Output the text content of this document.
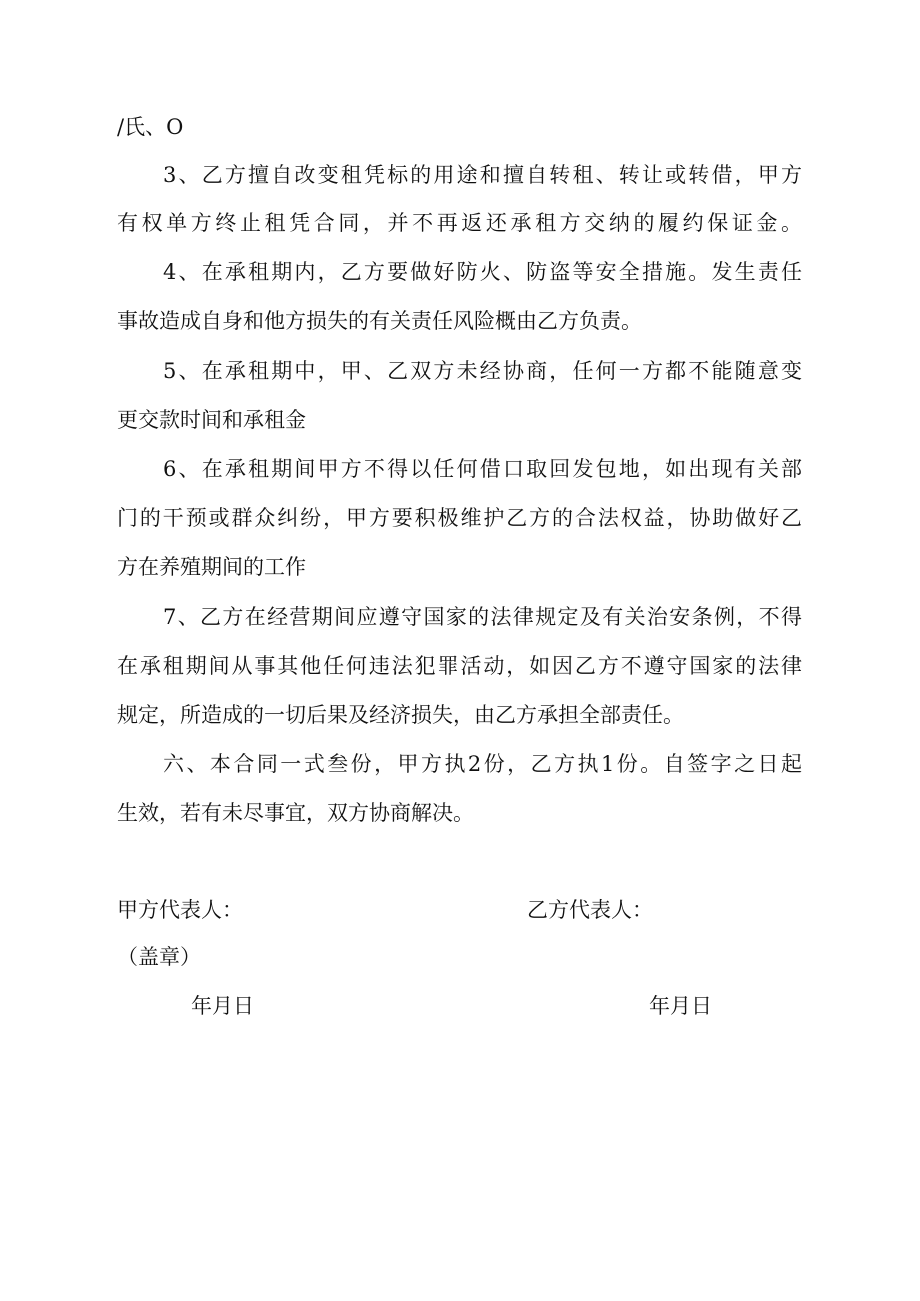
/氏、O
3、乙方擅自改变租凭标的用途和擅自转租、转让或转借，甲方
有权单方终止租凭合同，并不再返还承租方交纳的履约保证金。
4、在承租期内，乙方要做好防火、防盗等安全措施。发生责任
事故造成自身和他方损失的有关责任风险概由乙方负责。
5、在承租期中，甲、乙双方未经协商，任何一方都不能随意变
更交款时间和承租金
6、在承租期间甲方不得以任何借口取回发包地，如出现有关部
门的干预或群众纠纷，甲方要积极维护乙方的合法权益，协助做好乙
方在养殖期间的工作
7、乙方在经营期间应遵守国家的法律规定及有关治安条例，不得
在承租期间从事其他任何违法犯罪活动，如因乙方不遵守国家的法律
规定，所造成的一切后果及经济损失，由乙方承担全部责任。
六、本合同一式叁份，甲方执2份，乙方执1份。自签字之日起
生效，若有未尽事宜，双方协商解决。
甲方代表人：	乙方代表人：
（盖章）
年月日	年月日
